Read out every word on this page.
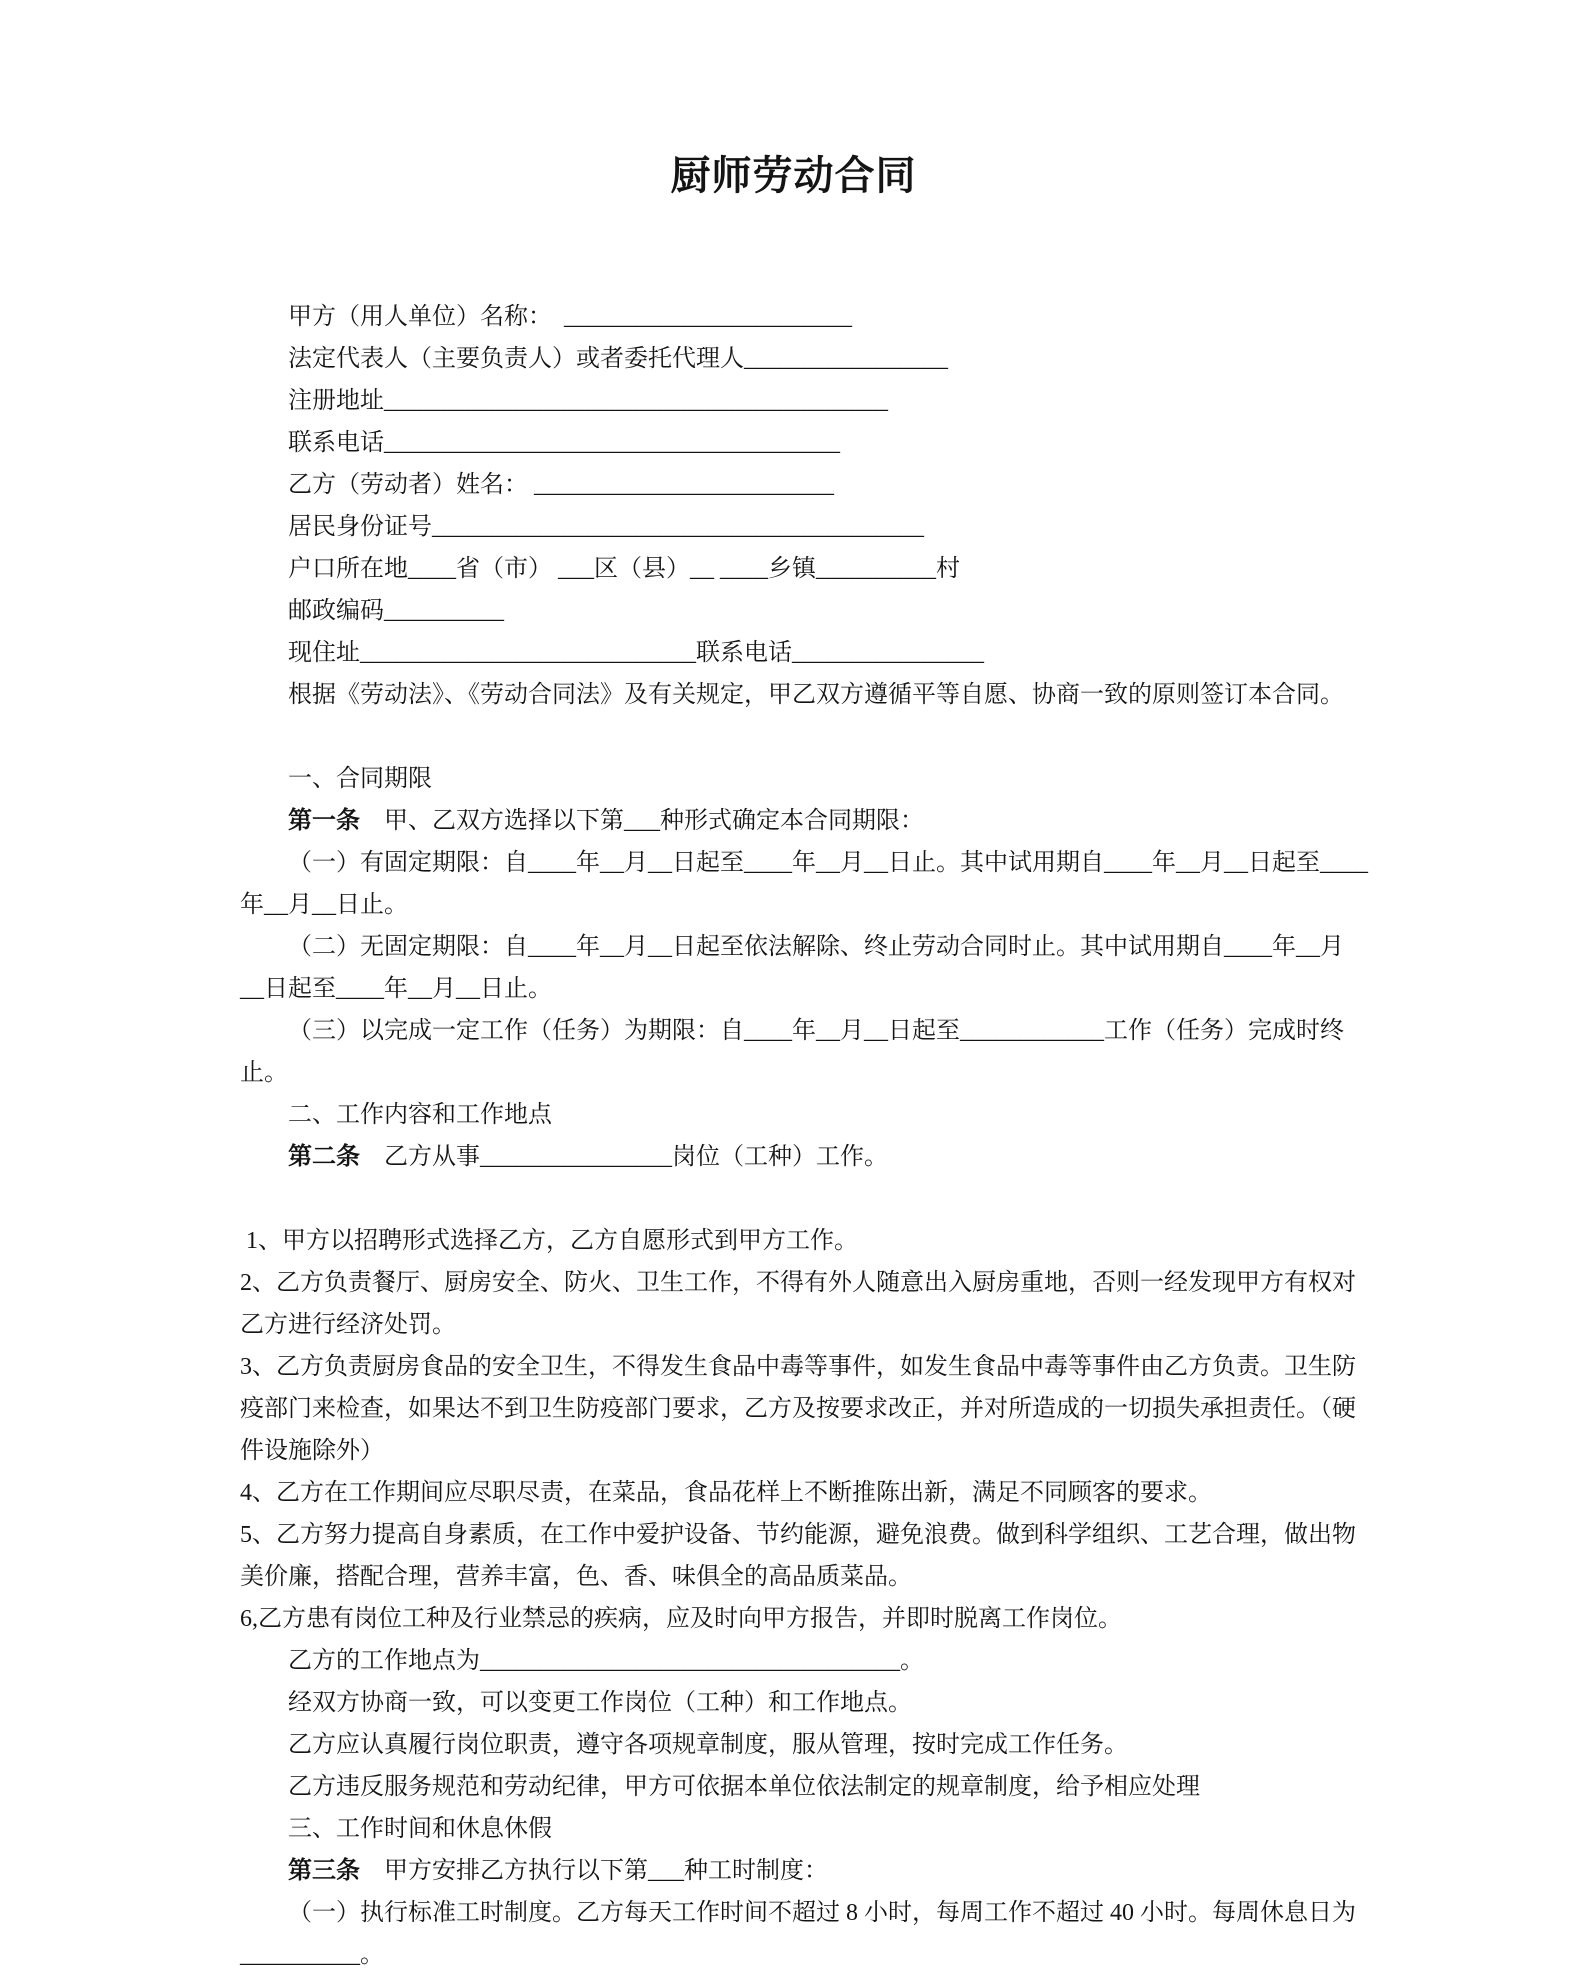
厨师劳动合同
甲方（用人单位）名称：  ________________________
法定代表人（主要负责人）或者委托代理人_________________
注册地址__________________________________________
联系电话______________________________________
乙方（劳动者）姓名： _________________________
居民身份证号_________________________________________
户口所在地____省（市） ___区（县）__ ____乡镇__________村
邮政编码__________
现住址____________________________联系电话________________
根据《劳动法》、《劳动合同法》及有关规定，甲乙双方遵循平等自愿、协商一致的原则签订本合同。
一、合同期限
第一条　甲、乙双方选择以下第___种形式确定本合同期限：
（一）有固定期限：自____年__月__日起至____年__月__日止。其中试用期自____年__月__日起至____
年__月__日止。
（二）无固定期限：自____年__月__日起至依法解除、终止劳动合同时止。其中试用期自____年__月
__日起至____年__月__日止。
（三）以完成一定工作（任务）为期限：自____年__月__日起至____________工作（任务）完成时终
止。
二、工作内容和工作地点
第二条　乙方从事________________岗位（工种）工作。
1、甲方以招聘形式选择乙方，乙方自愿形式到甲方工作。
2、乙方负责餐厅、厨房安全、防火、卫生工作，不得有外人随意出入厨房重地，否则一经发现甲方有权对
乙方进行经济处罚。
3、乙方负责厨房食品的安全卫生，不得发生食品中毒等事件，如发生食品中毒等事件由乙方负责。卫生防
疫部门来检查，如果达不到卫生防疫部门要求，乙方及按要求改正，并对所造成的一切损失承担责任。（硬
件设施除外）
4、乙方在工作期间应尽职尽责，在菜品，食品花样上不断推陈出新，满足不同顾客的要求。
5、乙方努力提高自身素质，在工作中爱护设备、节约能源，避免浪费。做到科学组织、工艺合理，做出物
美价廉，搭配合理，营养丰富，色、香、味俱全的高品质菜品。
6,乙方患有岗位工种及行业禁忌的疾病，应及时向甲方报告，并即时脱离工作岗位。
乙方的工作地点为___________________________________。
经双方协商一致，可以变更工作岗位（工种）和工作地点。
乙方应认真履行岗位职责，遵守各项规章制度，服从管理，按时完成工作任务。
乙方违反服务规范和劳动纪律，甲方可依据本单位依法制定的规章制度，给予相应处理
三、工作时间和休息休假
第三条　甲方安排乙方执行以下第___种工时制度：
（一）执行标准工时制度。乙方每天工作时间不超过 8 小时，每周工作不超过 40 小时。每周休息日为
__________。
